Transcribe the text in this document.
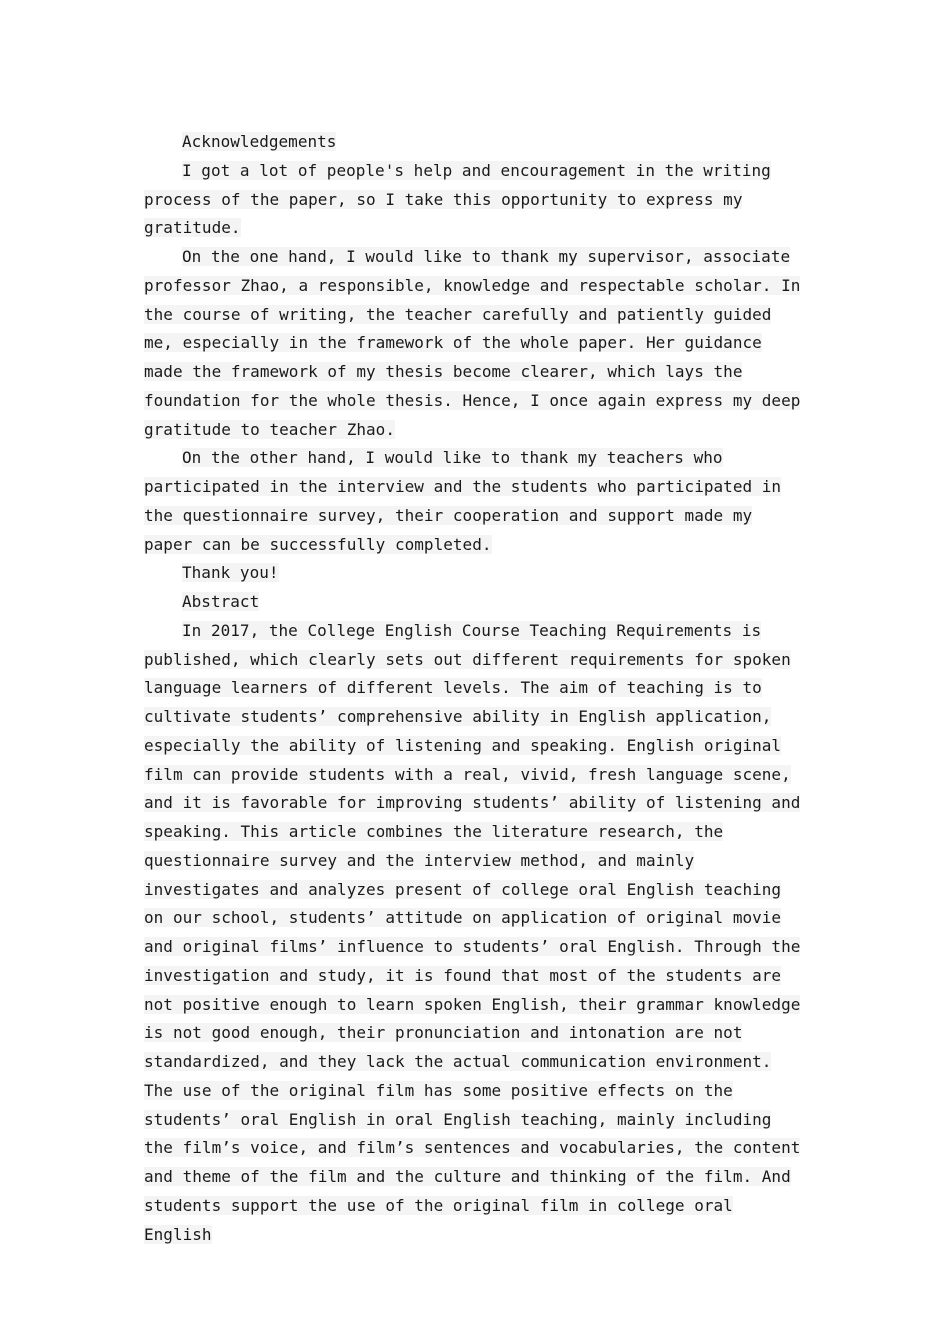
Acknowledgements

I got a lot of people's help and encouragement in the writing process of the paper, so I take this opportunity to express my gratitude.

On the one hand, I would like to thank my supervisor, associate professor Zhao, a responsible, knowledge and respectable scholar. In the course of writing, the teacher carefully and patiently guided me, especially in the framework of the whole paper. Her guidance made the framework of my thesis become clearer, which lays the foundation for the whole thesis. Hence, I once again express my deep gratitude to teacher Zhao.

On the other hand, I would like to thank my teachers who participated in the interview and the students who participated in the questionnaire survey, their cooperation and support made my paper can be successfully completed.

Thank you!

Abstract

In 2017, the College English Course Teaching Requirements is published, which clearly sets out different requirements for spoken language learners of different levels. The aim of teaching is to cultivate students’ comprehensive ability in English application, especially the ability of listening and speaking. English original film can provide students with a real, vivid, fresh language scene, and it is favorable for improving students’ ability of listening and speaking. This article combines the literature research, the questionnaire survey and the interview method, and mainly investigates and analyzes present of college oral English teaching on our school, students’ attitude on application of original movie and original films’ influence to students’ oral English. Through the investigation and study, it is found that most of the students are not positive enough to learn spoken English, their grammar knowledge is not good enough, their pronunciation and intonation are not standardized, and they lack the actual communication environment. The use of the original film has some positive effects on the students’ oral English in oral English teaching, mainly including the film’s voice, and film’s sentences and vocabularies, the content and theme of the film and the culture and thinking of the film. And students support the use of the original film in college oral English
